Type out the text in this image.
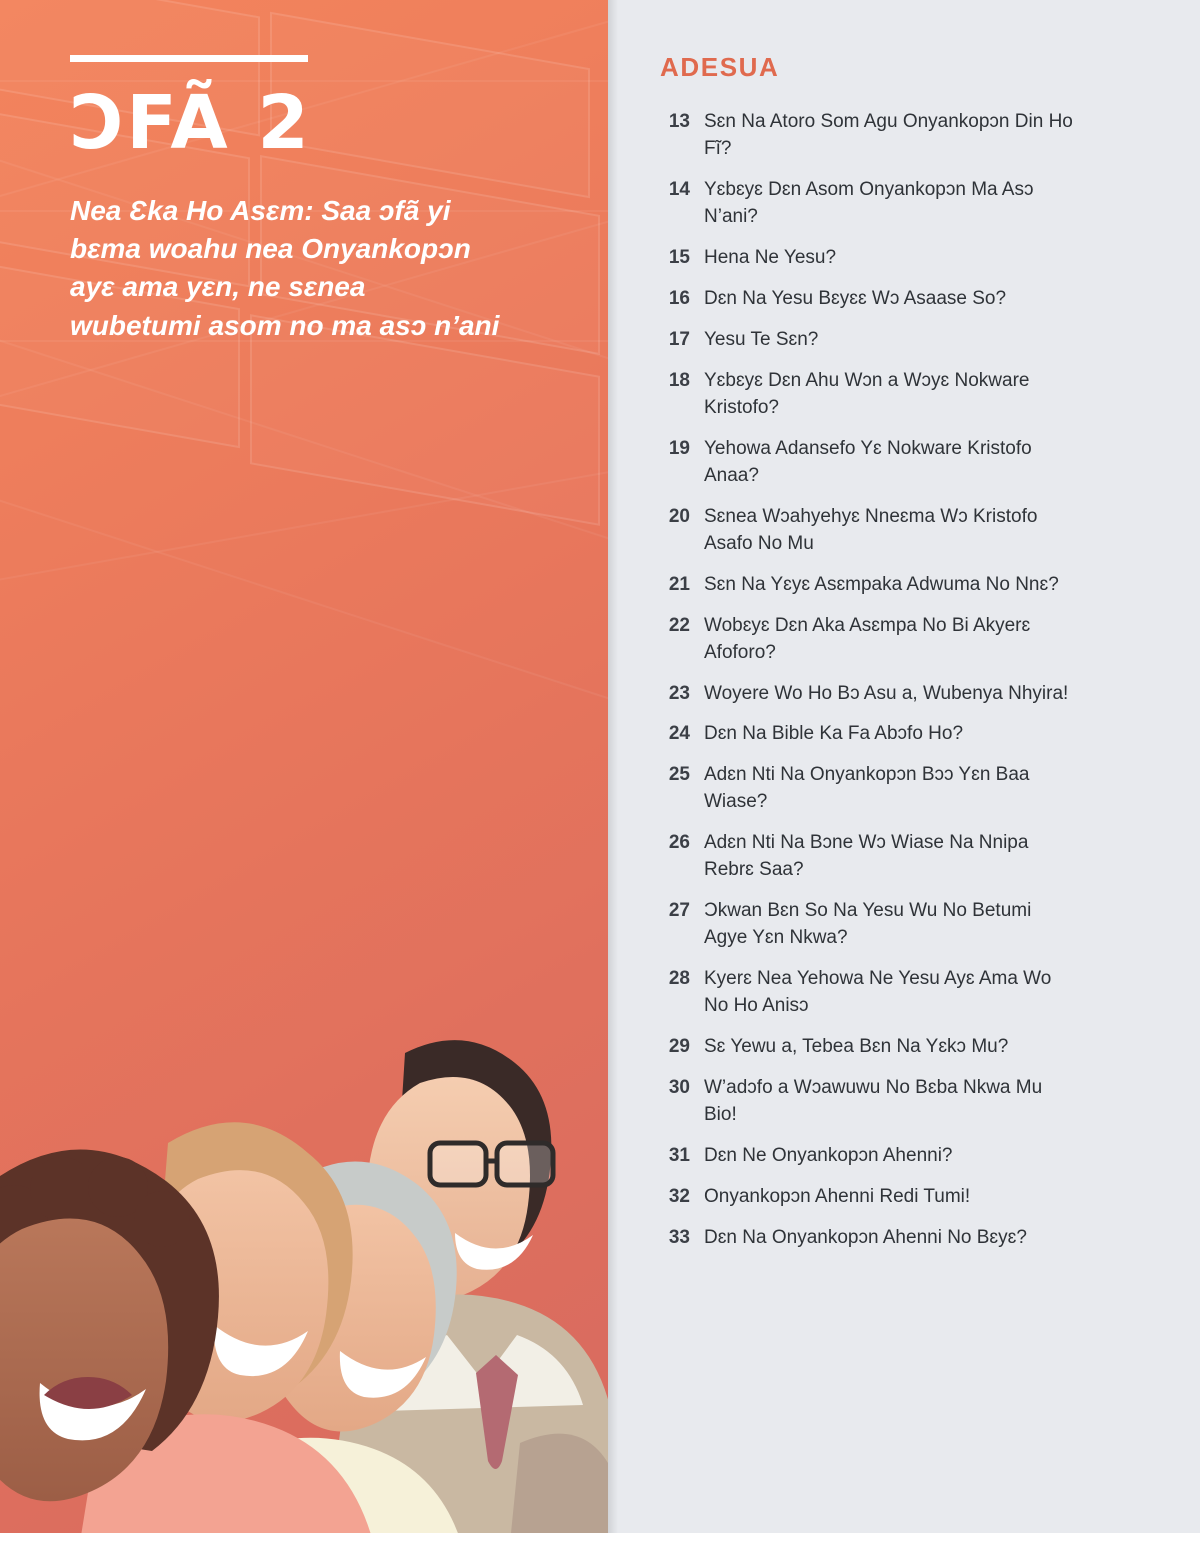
ƆFÃ 2

Nea Ɛka Ho Asɛm: Saa ɔfã yi bɛma woahu nea Onyankopɔn ayɛ ama yɛn, ne sɛnea wubetumi asom no ma asɔ n’ani

ADESUA
13 Sɛn Na Atoro Som Agu Onyankopɔn Din Ho Fĩ?
14 Yɛbɛyɛ Dɛn Asom Onyankopɔn Ma Asɔ N’ani?
15 Hena Ne Yesu?
16 Dɛn Na Yesu Bɛyɛɛ Wɔ Asaase So?
17 Yesu Te Sɛn?
18 Yɛbɛyɛ Dɛn Ahu Wɔn a Wɔyɛ Nokware Kristofo?
19 Yehowa Adansefo Yɛ Nokware Kristofo Anaa?
20 Sɛnea Wɔahyehyɛ Nneɛma Wɔ Kristofo Asafo No Mu
21 Sɛn Na Yɛyɛ Asɛmpaka Adwuma No Nnɛ?
22 Wobɛyɛ Dɛn Aka Asɛmpa No Bi Akyerɛ Afoforo?
23 Woyere Wo Ho Bɔ Asu a, Wubenya Nhyira!
24 Dɛn Na Bible Ka Fa Abɔfo Ho?
25 Adɛn Nti Na Onyankopɔn Bɔɔ Yɛn Baa Wiase?
26 Adɛn Nti Na Bɔne Wɔ Wiase Na Nnipa Rebrɛ Saa?
27 Ɔkwan Bɛn So Na Yesu Wu No Betumi Agye Yɛn Nkwa?
28 Kyerɛ Nea Yehowa Ne Yesu Ayɛ Ama Wo No Ho Anisɔ
29 Sɛ Yewu a, Tebea Bɛn Na Yɛkɔ Mu?
30 W’adɔfo a Wɔawuwu No Bɛba Nkwa Mu Bio!
31 Dɛn Ne Onyankopɔn Ahenni?
32 Onyankopɔn Ahenni Redi Tumi!
33 Dɛn Na Onyankopɔn Ahenni No Bɛyɛ?
